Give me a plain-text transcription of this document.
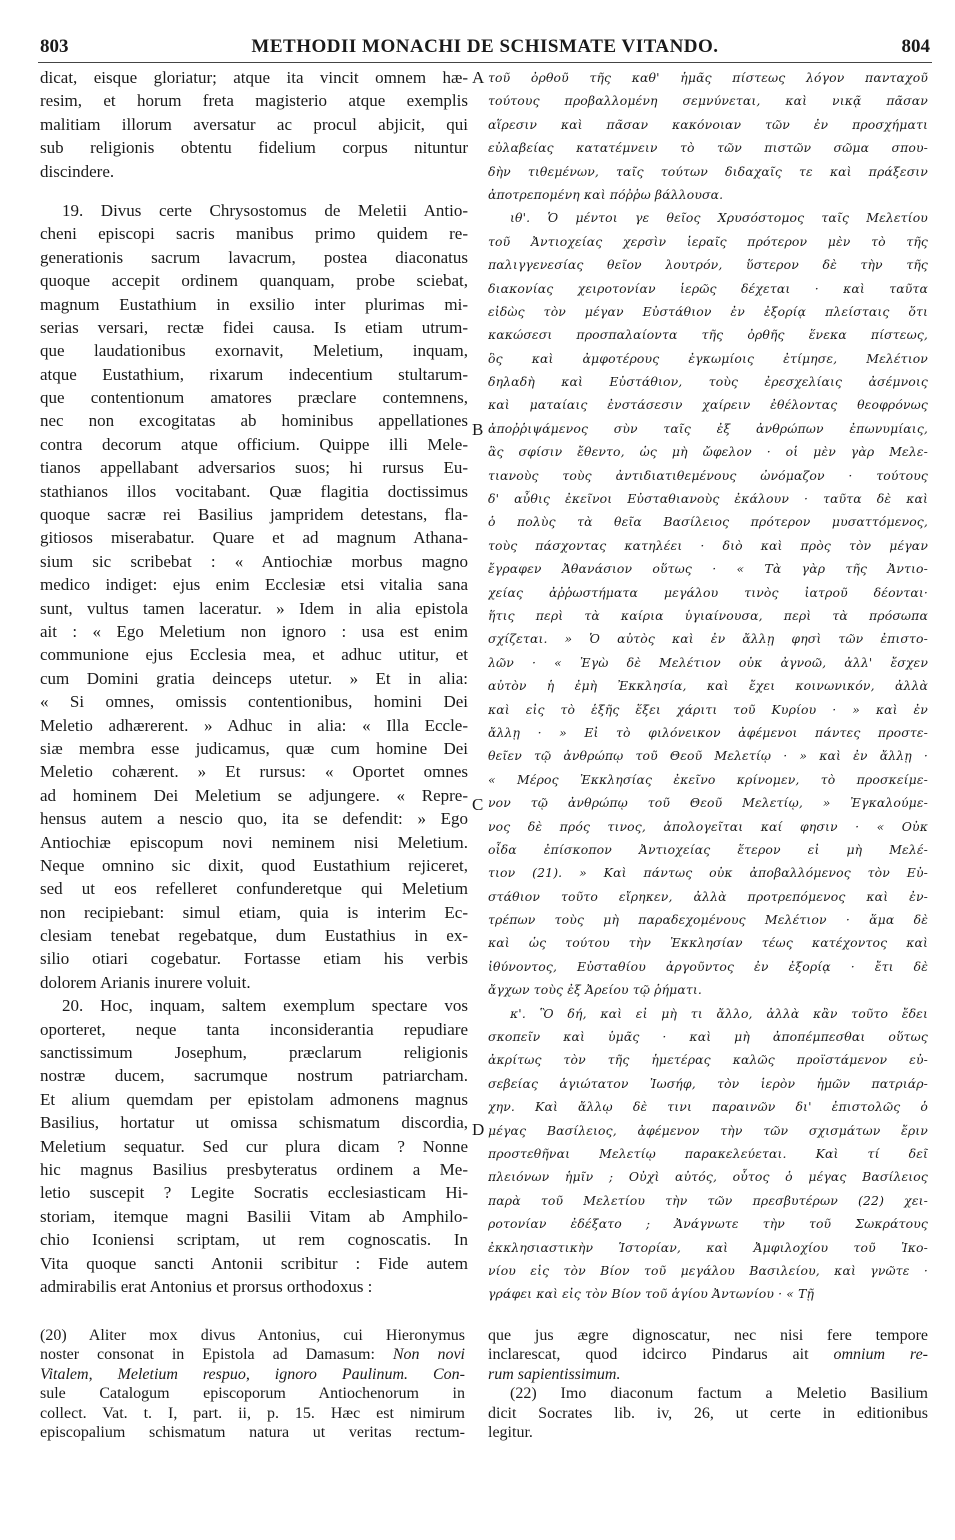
803	METHODII MONACHI DE SCHISMATE VITANDO.	804
dicat, eisque gloriatur; atque ita vincit omnem hæ-
resim, et horum freta magisterio atque exemplis
malitiam illorum aversatur ac procul abjicit, qui
sub religionis obtentu fidelium corpus nituntur
discindere.
19. Divus certe Chrysostomus de Meletii Antio-
cheni episcopi sacris manibus primo quidem re-
generationis sacrum lavacrum, postea diaconatus
quoque accepit ordinem quanquam, probe sciebat,
magnum Eustathium in exsilio inter plurimas mi-
serias versari, rectæ fidei causa. Is etiam utrum-
que laudationibus exornavit, Meletium, inquam,
atque Eustathium, rixarum indecentium stultarum-
que contentionum amatores præclare contemnens,
nec non excogitatas ab hominibus appellationes
contra decorum atque officium. Quippe illi Mele-
tianos appellabant adversarios suos; hi rursus Eu-
stathianos illos vocitabant. Quæ flagitia doctissimus
quoque sacræ rei Basilius jampridem detestans, fla-
gitiosos miserabatur. Quare et ad magnum Athana-
sium sic scribebat : « Antiochiæ morbus magno
medico indiget: ejus enim Ecclesiæ etsi vitalia sana
sunt, vultus tamen laceratur. » Idem in alia epistola
ait : « Ego Meletium non ignoro : usa est enim
communione ejus Ecclesia mea, et adhuc utitur, et
cum Domini gratia deinceps utetur. » Et in alia:
« Si omnes, omissis contentionibus, homini Dei
Meletio adhærerent. » Adhuc in alia: « Illa Eccle-
siæ membra esse judicamus, quæ cum homine Dei
Meletio cohærent. » Et rursus: « Oportet omnes
ad hominem Dei Meletium se adjungere. « Repre-
hensus autem a nescio quo, ita se defendit: » Ego
Antiochiæ episcopum novi neminem nisi Meletium.
Neque omnino sic dixit, quod Eustathium rejiceret,
sed ut eos refelleret confunderetque qui Meletium
non recipiebant: simul etiam, quia is interim Ec-
clesiam tenebat regebatque, dum Eustathius in ex-
silio otiari cogebatur. Fortasse etiam his verbis
dolorem Arianis inurere voluit.
20. Hoc, inquam, saltem exemplum spectare vos
oporteret, neque tanta inconsiderantia repudiare
sanctissimum Josephum, præclarum religionis
nostræ ducem, sacrumque nostrum patriarcham.
Et alium quemdam per epistolam admonens magnus
Basilius, hortatur ut omissa schismatum discordia,
Meletium sequatur. Sed cur plura dicam ? Nonne
hic magnus Basilius presbyteratus ordinem a Me-
letio suscepit ? Legite Socratis ecclesiasticam Hi-
storiam, itemque magni Basilii Vitam ab Amphilo-
chio Iconiensi scriptam, ut rem cognoscatis. In
Vita quoque sancti Antonii scribitur : Fide autem
admirabilis erat Antonius et prorsus orthodoxus :
τοῦ ὀρθοῦ τῆς καθ' ἡμᾶς πίστεως λόγον πανταχοῦ
τούτους προβαλλομένη σεμνύνεται, καὶ νικᾷ πᾶσαν
αἵρεσιν καὶ πᾶσαν κακόνοιαν τῶν ἐν προσχήματι
εὐλαβείας κατατέμνειν τὸ τῶν πιστῶν σῶμα σπου-
δὴν τιθεμένων, ταῖς τούτων διδαχαῖς τε καὶ πράξεσιν
ἀποτρεπομένη καὶ πόῤῥω βάλλουσα.
ιθ'. Ὁ μέντοι γε θεῖος Χρυσόστομος ταῖς Μελετίου
τοῦ Ἀντιοχείας χερσὶν ἱεραῖς πρότερον μὲν τὸ τῆς
παλιγγενεσίας θεῖον λουτρόν, ὕστερον δὲ τὴν τῆς
διακονίας χειροτονίαν ἱερῶς δέχεται · καὶ ταῦτα
εἰδὼς τὸν μέγαν Εὐστάθιον ἐν ἐξορίᾳ πλείσταις ὅτι
κακώσεσι προσπαλαίοντα τῆς ὀρθῆς ἕνεκα πίστεως,
ὃς καὶ ἀμφοτέρους ἐγκωμίοις ἐτίμησε, Μελέτιον
δηλαδὴ καὶ Εὐστάθιον, τοὺς ἐρεσχελίαις ἀσέμνοις
καὶ ματαίαις ἐνστάσεσιν χαίρειν ἐθέλοντας θεοφρόνως
ἀποῤῥιψάμενος σὺν ταῖς ἐξ ἀνθρώπων ἐπωνυμίαις,
ἃς σφίσιν ἔθεντο, ὡς μὴ ὤφελον · οἱ μὲν γὰρ Μελε-
τιανοὺς τοὺς ἀντιδιατιθεμένους ὠνόμαζον · τούτους
δ' αὖθις ἐκεῖνοι Εὐσταθιανοὺς ἐκάλουν · ταῦτα δὲ καὶ
ὁ πολὺς τὰ θεῖα Βασίλειος πρότερον μυσαττόμενος,
τοὺς πάσχοντας κατηλέει · διὸ καὶ πρὸς τὸν μέγαν
ἔγραφεν Ἀθανάσιον οὕτως · « Τὰ γὰρ τῆς Ἀντιο-
χείας ἀῤῥωστήματα μεγάλου τινὸς ἰατροῦ δέονται·
ἥτις περὶ τὰ καίρια ὑγιαίνουσα, περὶ τὰ πρόσωπα
σχίζεται. » Ὁ αὐτὸς καὶ ἐν ἄλλῃ φησὶ τῶν ἐπιστο-
λῶν · « Ἐγὼ δὲ Μελέτιον οὐκ ἀγνοῶ, ἀλλ' ἔσχεν
αὐτὸν ἡ ἐμὴ Ἐκκλησία, καὶ ἔχει κοινωνικόν, ἀλλὰ
καὶ εἰς τὸ ἑξῆς ἕξει χάριτι τοῦ Κυρίου · » καὶ ἐν
ἄλλῃ · » Εἰ τὸ φιλόνεικον ἀφέμενοι πάντες προστε-
θεῖεν τῷ ἀνθρώπῳ τοῦ Θεοῦ Μελετίῳ · » καὶ ἐν ἄλλῃ ·
« Μέρος Ἐκκλησίας ἐκεῖνο κρίνομεν, τὸ προσκείμε-
νον τῷ ἀνθρώπῳ τοῦ Θεοῦ Μελετίῳ, » Ἐγκαλούμε-
νος δὲ πρός τινος, ἀπολογεῖται καί φησιν · « Οὐκ
οἶδα ἐπίσκοπον Ἀντιοχείας ἕτερον εἰ μὴ Μελέ-
τιον (21). » Καὶ πάντως οὐκ ἀποβαλλόμενος τὸν Εὐ-
στάθιον τοῦτο εἴρηκεν, ἀλλὰ προτρεπόμενος καὶ ἐν-
τρέπων τοὺς μὴ παραδεχομένους Μελέτιον · ἅμα δὲ
καὶ ὡς τούτου τὴν Ἐκκλησίαν τέως κατέχοντος καὶ
ἰθύνοντος, Εὐσταθίου ἀργοῦντος ἐν ἐξορίᾳ · ἔτι δὲ
ἄγχων τοὺς ἐξ Ἀρείου τῷ ῥήματι.
κ'. Ὃ δή, καὶ εἰ μὴ τι ἄλλο, ἀλλὰ κἂν τοῦτο ἔδει
σκοπεῖν καὶ ὑμᾶς · καὶ μὴ ἀποπέμπεσθαι οὕτως
ἀκρίτως τὸν τῆς ἡμετέρας καλῶς προϊστάμενον εὐ-
σεβείας ἁγιώτατον Ἰωσήφ, τὸν ἱερὸν ἡμῶν πατριάρ-
χην. Καὶ ἄλλῳ δὲ τινι παραινῶν δι' ἐπιστολῶς ὁ
μέγας Βασίλειος, ἀφέμενον τὴν τῶν σχισμάτων ἔριν
προστεθῆναι Μελετίῳ παρακελεύεται. Καὶ τί δεῖ
πλειόνων ἡμῖν ; Οὐχὶ αὐτός, οὗτος ὁ μέγας Βασίλειος
παρὰ τοῦ Μελετίου τὴν τῶν πρεσβυτέρων (22) χει-
ροτονίαν ἐδέξατο ; Ἀνάγνωτε τὴν τοῦ Σωκράτους
ἐκκλησιαστικὴν Ἱστορίαν, καὶ Ἀμφιλοχίου τοῦ Ἰκο-
νίου εἰς τὸν Βίον τοῦ μεγάλου Βασιλείου, καὶ γνῶτε ·
γράφει καὶ εἰς τὸν Βίον τοῦ ἁγίου Ἀντωνίου · « Τῇ
A
B
C
D
(20) Aliter mox divus Antonius, cui Hieronymus
noster consonat in Epistola ad Damasum: Non novi
Vitalem, Meletium respuo, ignoro Paulinum. Con-
sule Catalogum episcoporum Antiochenorum in
collect. Vat. t. I, part. ii, p. 15. Hæc est nimirum
episcopalium schismatum natura ut veritas rectum-
que jus ægre dignoscatur, nec nisi fere tempore
inclarescat, quod idcirco Pindarus ait omnium re-
rum sapientissimum.
(22) Imo diaconum factum a Meletio Basilium
dicit Socrates lib. iv, 26, ut certe in editionibus
legitur.
